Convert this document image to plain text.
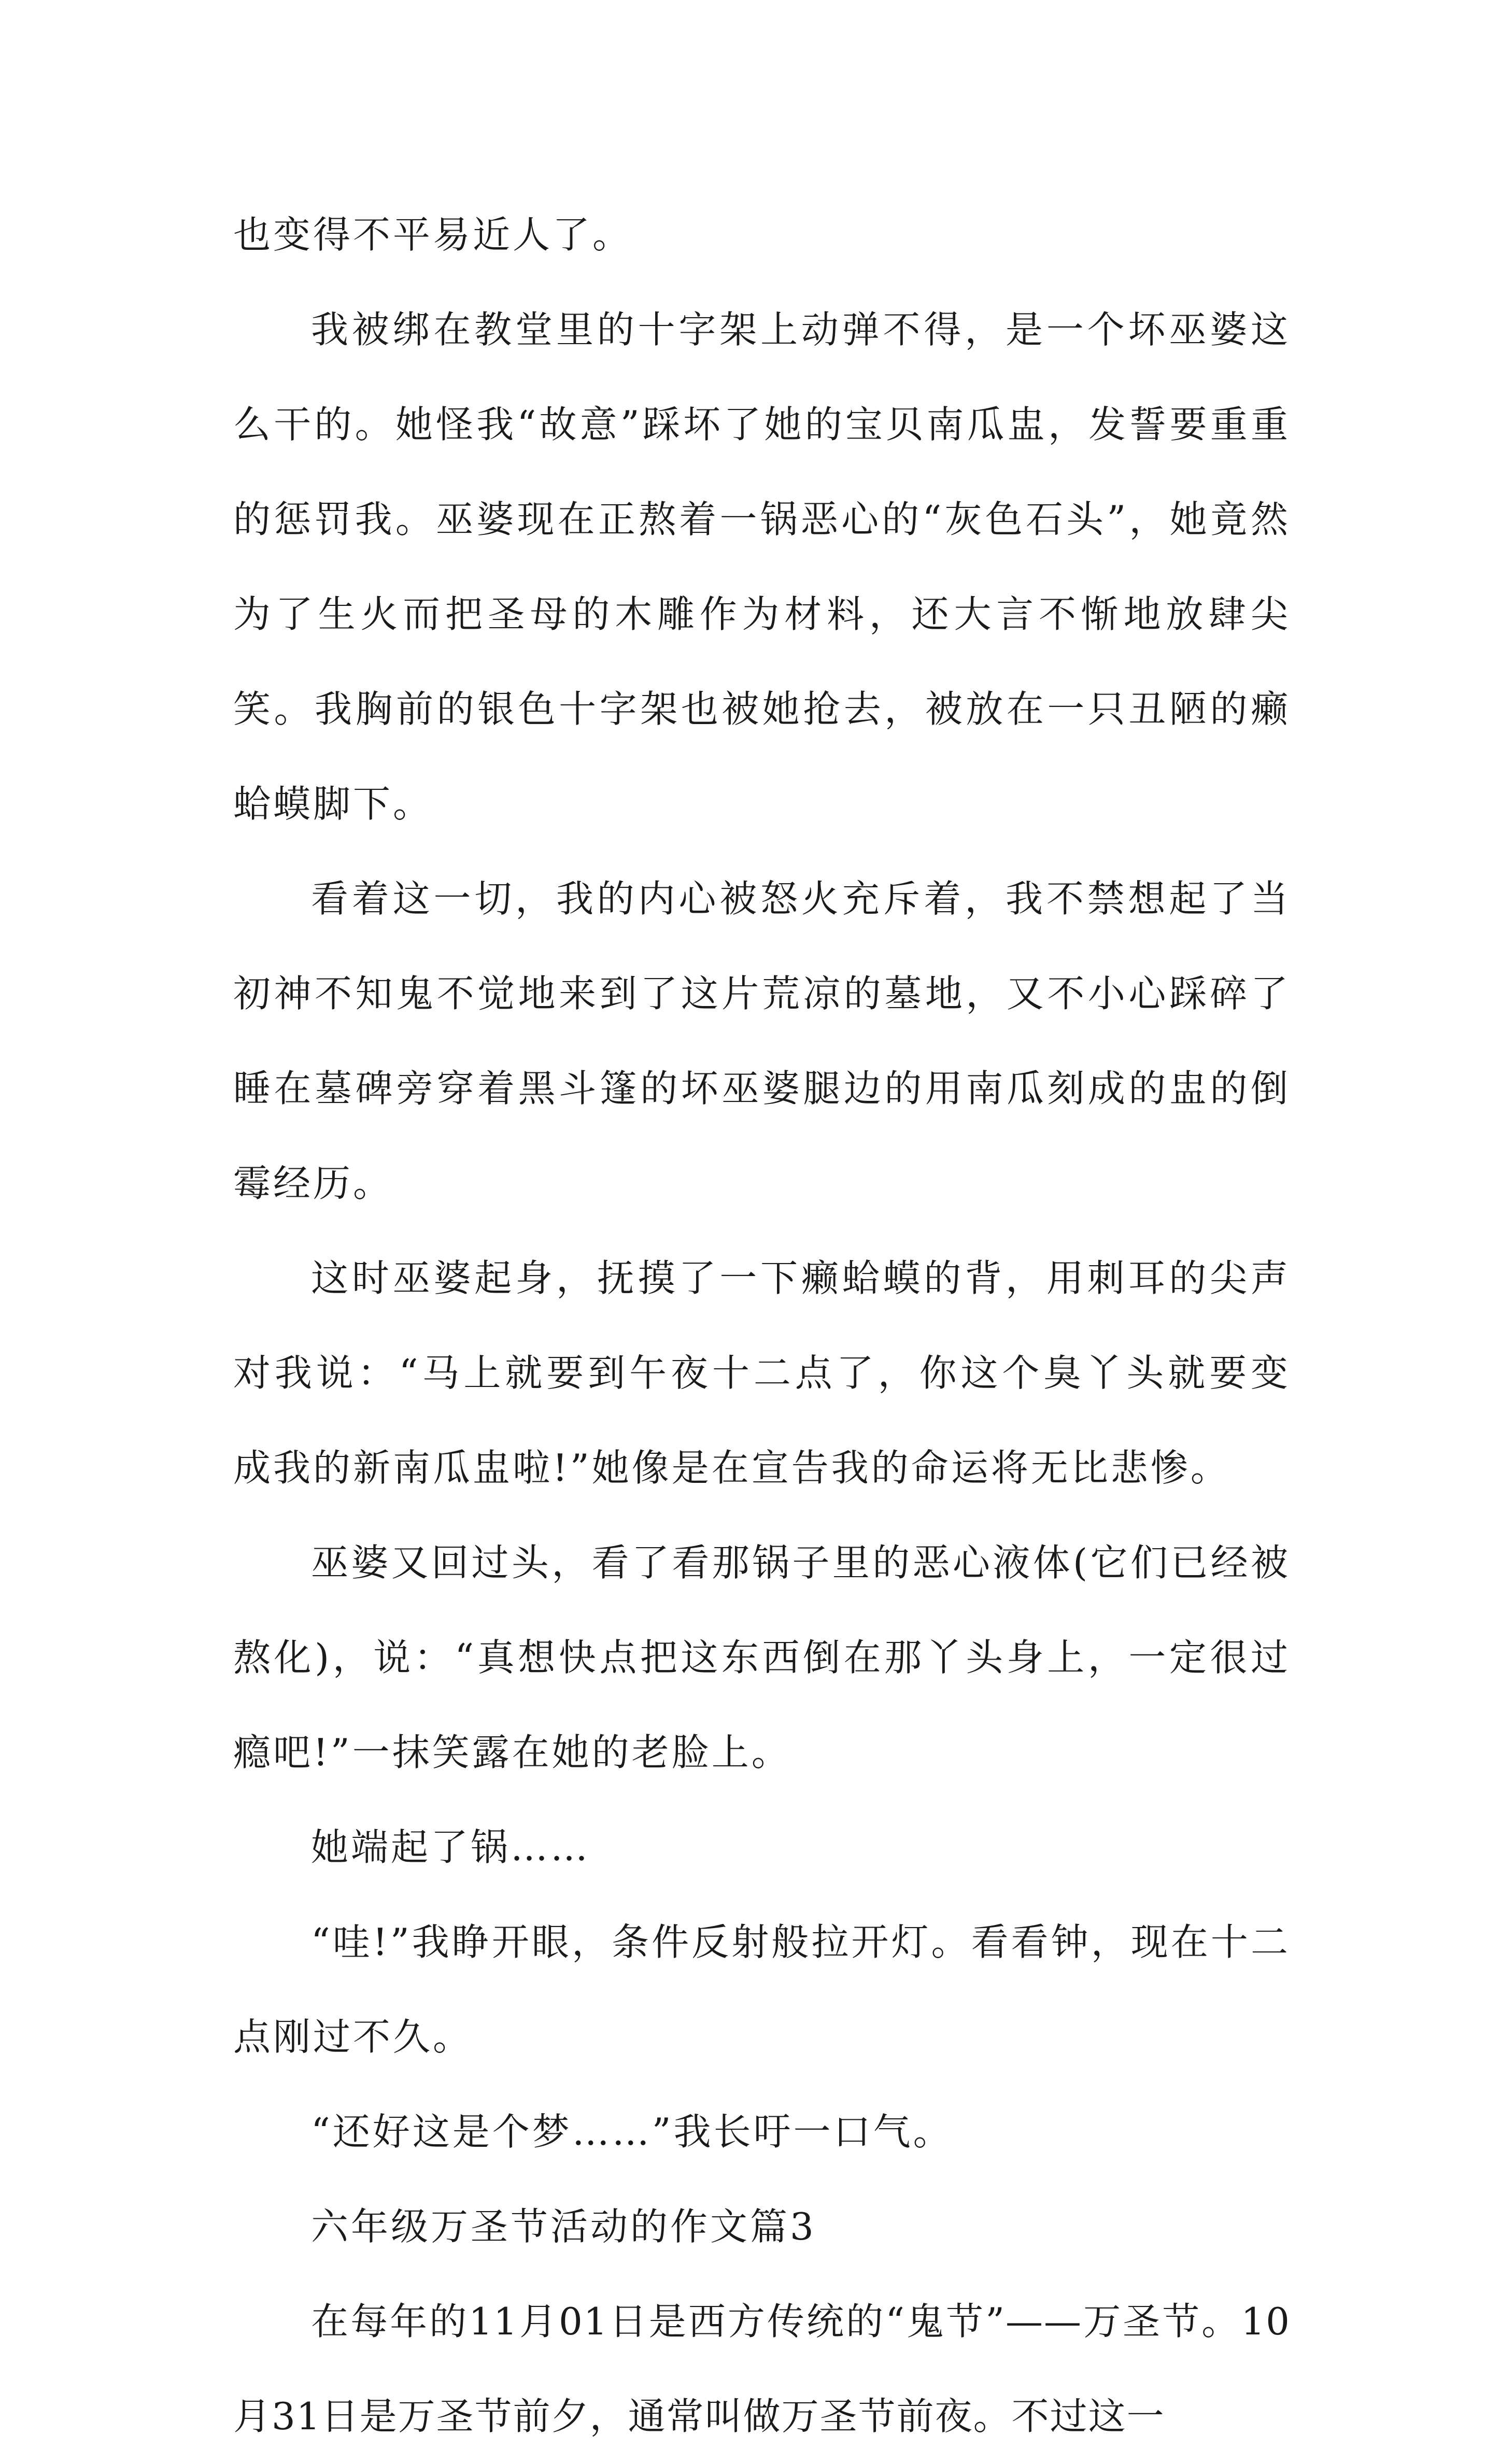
也变得不平易近人了。

我被绑在教堂里的十字架上动弹不得，是一个坏巫婆这么干的。她怪我“故意”踩坏了她的宝贝南瓜盅，发誓要重重的惩罚我。巫婆现在正熬着一锅恶心的“灰色石头”，她竟然为了生火而把圣母的木雕作为材料，还大言不惭地放肆尖笑。我胸前的银色十字架也被她抢去，被放在一只丑陋的癞蛤蟆脚下。

看着这一切，我的内心被怒火充斥着，我不禁想起了当初神不知鬼不觉地来到了这片荒凉的墓地，又不小心踩碎了睡在墓碑旁穿着黑斗篷的坏巫婆腿边的用南瓜刻成的盅的倒霉经历。

这时巫婆起身，抚摸了一下癞蛤蟆的背，用刺耳的尖声对我说：“马上就要到午夜十二点了，你这个臭丫头就要变成我的新南瓜盅啦!”她像是在宣告我的命运将无比悲惨。

巫婆又回过头，看了看那锅子里的恶心液体(它们已经被熬化)，说：“真想快点把这东西倒在那丫头身上，一定很过瘾吧!”一抹笑露在她的老脸上。

她端起了锅……

“哇!”我睁开眼，条件反射般拉开灯。看看钟，现在十二点刚过不久。

“还好这是个梦……”我长吁一口气。

六年级万圣节活动的作文篇3

在每年的11月01日是西方传统的“鬼节”——万圣节。10月31日是万圣节前夕，通常叫做万圣节前夜。不过这一
